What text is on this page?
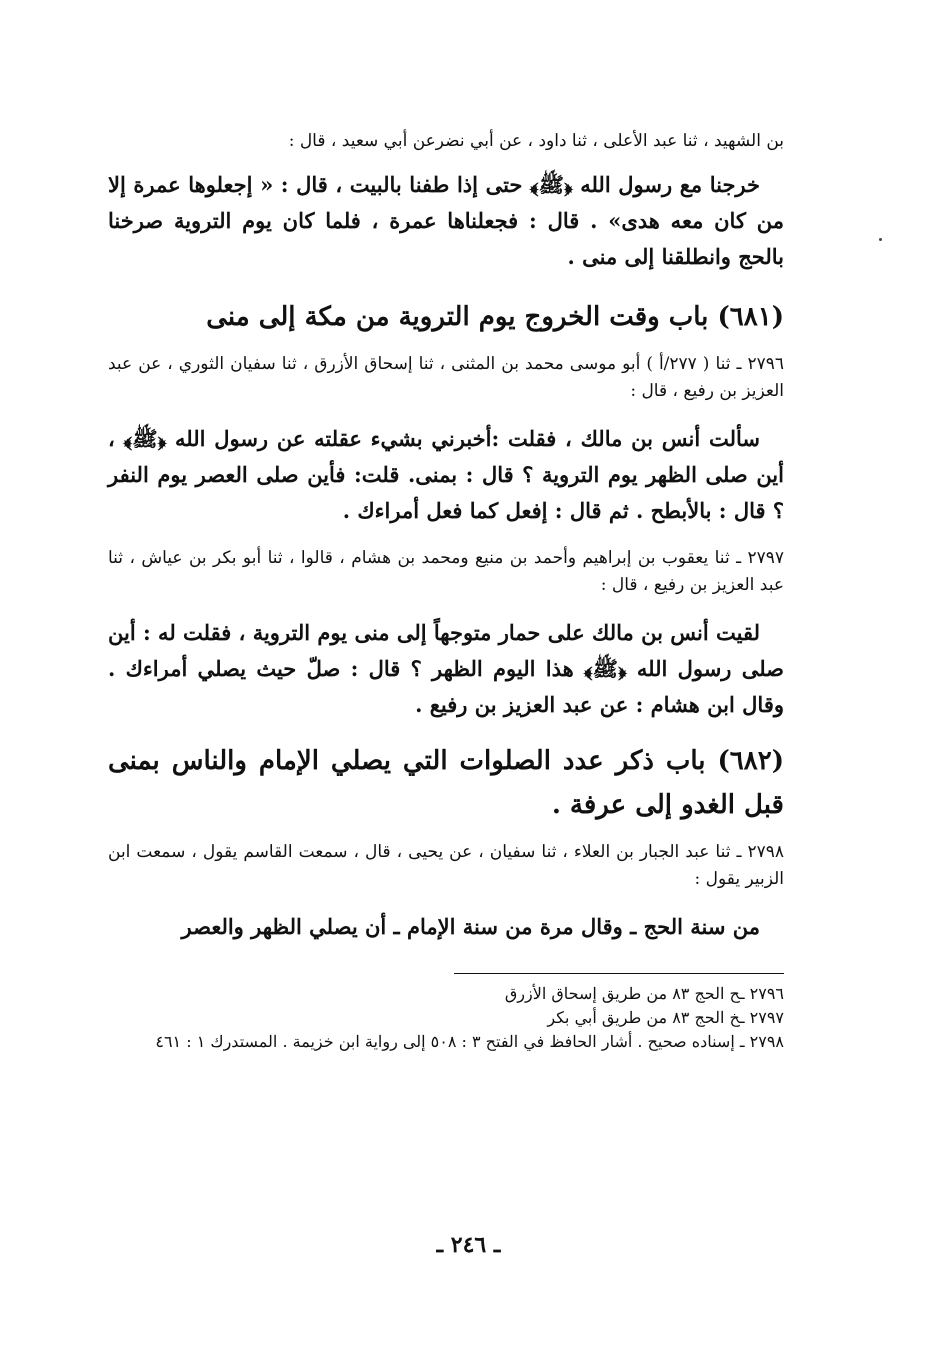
بن الشهيد ، ثنا عبد الأعلى ، ثنا داود ، عن أبي نضرعن أبي سعيد ، قال :

خرجنا مع رسول الله ﴿ﷺ﴾ حتى إذا طفنا بالبيت ، قال : « إجعلوها عمرة إلا من كان معه هدى» . قال : فجعلناها عمرة ، فلما كان يوم التروية صرخنا بالحج وانطلقنا إلى منى .

(٦٨١) باب وقت الخروج يوم التروية من مكة إلى منى

٢٧٩٦ ـ ثنا ( ٢٧٧/أ ) أبو موسى محمد بن المثنى ، ثنا إسحاق الأزرق ، ثنا سفيان الثوري ، عن عبد العزيز بن رفيع ، قال :

سألت أنس بن مالك ، فقلت :أخبرني بشيء عقلته عن رسول الله ﴿ﷺ﴾ ، أين صلى الظهر يوم التروية ؟ قال : بمنى. قلت: فأين صلى العصر يوم النفر ؟ قال : بالأبطح . ثم قال : إفعل كما فعل أمراءك .

٢٧٩٧ ـ ثنا يعقوب بن إبراهيم وأحمد بن منيع ومحمد بن هشام ، قالوا ، ثنا أبو بكر بن عياش ، ثنا عبد العزيز بن رفيع ، قال :

لقيت أنس بن مالك على حمار متوجهاً إلى منى يوم التروية ، فقلت له : أين صلى رسول الله ﴿ﷺ﴾ هذا اليوم الظهر ؟ قال : صلّ حيث يصلي أمراءك . وقال ابن هشام : عن عبد العزيز بن رفيع .

(٦٨٢) باب ذكر عدد الصلوات التي يصلي الإمام والناس بمنى قبل الغدو إلى عرفة .

٢٧٩٨ ـ ثنا عبد الجبار بن العلاء ، ثنا سفيان ، عن يحيى ، قال ، سمعت القاسم يقول ، سمعت ابن الزبير يقول :

من سنة الحج ـ وقال مرة من سنة الإمام ـ أن يصلي الظهر والعصر

٢٧٩٦ ـح الحج ٨٣ من طريق إسحاق الأزرق

٢٧٩٧ ـخ الحج ٨٣ من طريق أبي بكر

٢٧٩٨ ـ إسناده صحيح . أشار الحافظ في الفتح ٣ : ٥٠٨ إلى رواية ابن خزيمة . المستدرك ١ : ٤٦١

ـ ٢٤٦ ـ
